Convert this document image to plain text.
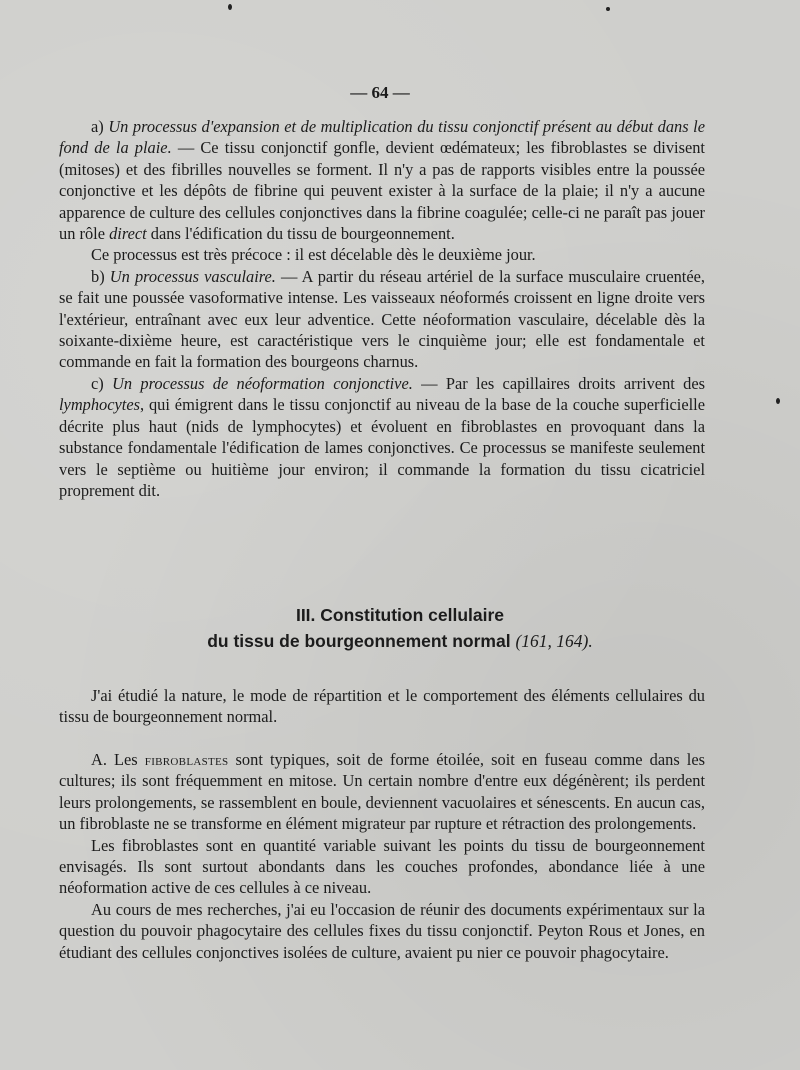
— 64 —

a) Un processus d'expansion et de multiplication du tissu conjonctif présent au début dans le fond de la plaie. — Ce tissu conjonctif gonfle, devient œdémateux; les fibroblastes se divisent (mitoses) et des fibrilles nouvelles se forment. Il n'y a pas de rapports visibles entre la poussée conjonctive et les dépôts de fibrine qui peuvent exister à la surface de la plaie; il n'y a aucune apparence de culture des cellules conjonctives dans la fibrine coagulée; celle-ci ne paraît pas jouer un rôle direct dans l'édification du tissu de bourgeonnement.

Ce processus est très précoce : il est décelable dès le deuxième jour.

b) Un processus vasculaire. — A partir du réseau artériel de la surface musculaire cruentée, se fait une poussée vasoformative intense. Les vaisseaux néoformés croissent en ligne droite vers l'extérieur, entraînant avec eux leur adventice. Cette néoformation vasculaire, décelable dès la soixante-dixième heure, est caractéristique vers le cinquième jour; elle est fondamentale et commande en fait la formation des bourgeons charnus.

c) Un processus de néoformation conjonctive. — Par les capillaires droits arrivent des lymphocytes, qui émigrent dans le tissu conjonctif au niveau de la base de la couche superficielle décrite plus haut (nids de lymphocytes) et évoluent en fibroblastes en provoquant dans la substance fondamentale l'édification de lames conjonctives. Ce processus se manifeste seulement vers le septième ou huitième jour environ; il commande la formation du tissu cicatriciel proprement dit.

III. Constitution cellulaire
du tissu de bourgeonnement normal (161, 164).

J'ai étudié la nature, le mode de répartition et le comportement des éléments cellulaires du tissu de bourgeonnement normal.

A. Les fibroblastes sont typiques, soit de forme étoilée, soit en fuseau comme dans les cultures; ils sont fréquemment en mitose. Un certain nombre d'entre eux dégénèrent; ils perdent leurs prolongements, se rassemblent en boule, deviennent vacuolaires et sénescents. En aucun cas, un fibroblaste ne se transforme en élément migrateur par rupture et rétraction des prolongements.

Les fibroblastes sont en quantité variable suivant les points du tissu de bourgeonnement envisagés. Ils sont surtout abondants dans les couches profondes, abondance liée à une néoformation active de ces cellules à ce niveau.

Au cours de mes recherches, j'ai eu l'occasion de réunir des documents expérimentaux sur la question du pouvoir phagocytaire des cellules fixes du tissu conjonctif. Peyton Rous et Jones, en étudiant des cellules conjonctives isolées de culture, avaient pu nier ce pouvoir phagocytaire.
